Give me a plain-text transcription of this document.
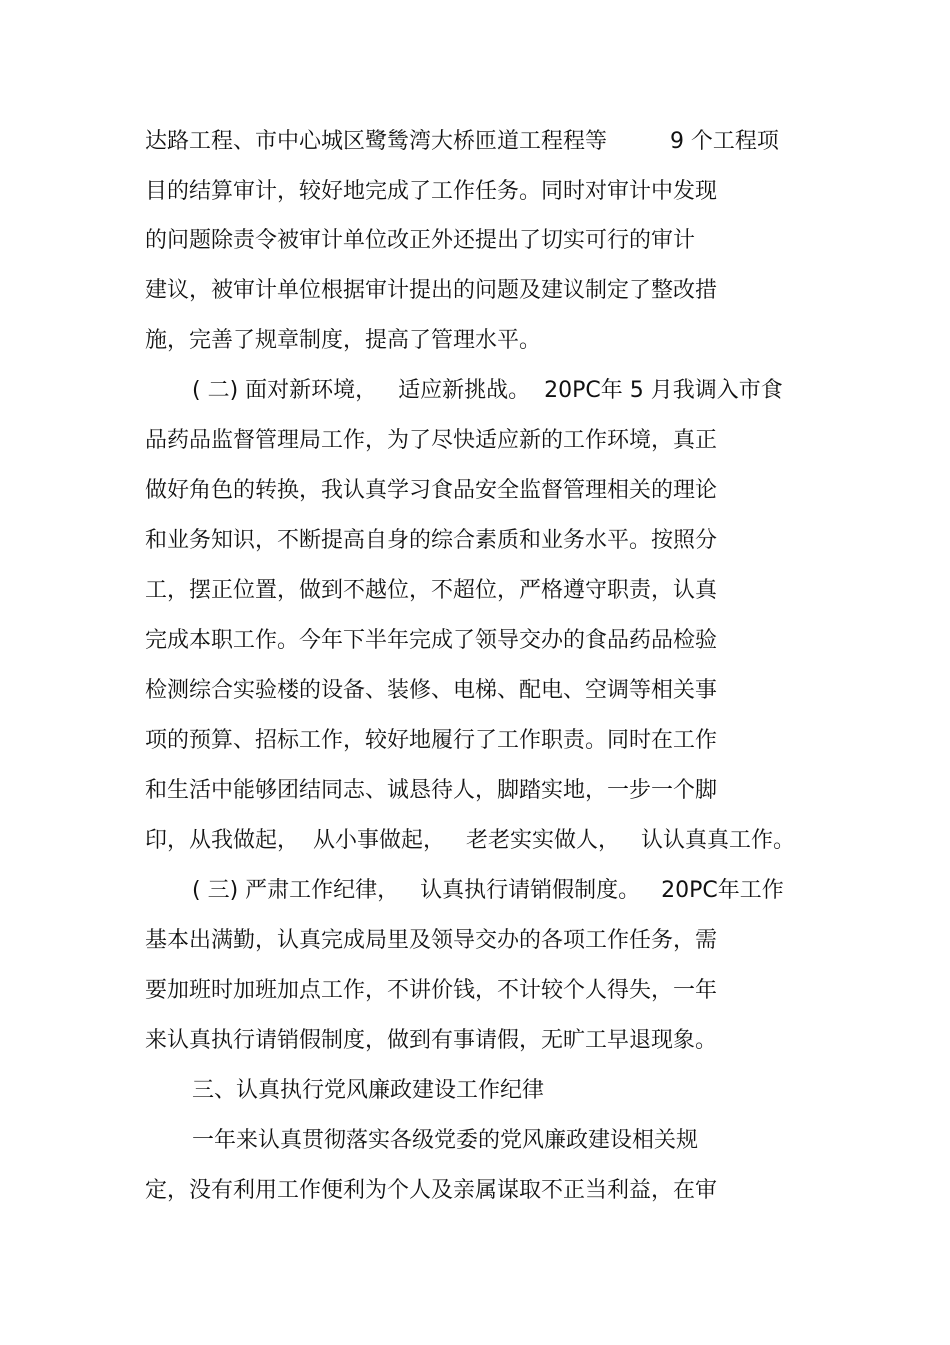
达路工程、市中心城区鹭鸶湾大桥匝道工程程等         9 个工程项
目的结算审计，较好地完成了工作任务。同时对审计中发现
的问题除责令被审计单位改正外还提出了切实可行的审计
建议，被审计单位根据审计提出的问题及建议制定了整改措
施，完善了规章制度，提高了管理水平。
( 二) 面对新环境，   适应新挑战。  20PC年 5 月我调入市食
品药品监督管理局工作，为了尽快适应新的工作环境，真正
做好角色的转换，我认真学习食品安全监督管理相关的理论
和业务知识，不断提高自身的综合素质和业务水平。按照分
工，摆正位置，做到不越位，不超位，严格遵守职责，认真
完成本职工作。今年下半年完成了领导交办的食品药品检验
检测综合实验楼的设备、装修、电梯、配电、空调等相关事
项的预算、招标工作，较好地履行了工作职责。同时在工作
和生活中能够团结同志、诚恳待人，脚踏实地，一步一个脚
印，从我做起，  从小事做起，   老老实实做人，   认认真真工作。
( 三) 严肃工作纪律，   认真执行请销假制度。   20PC年工作
基本出满勤，认真完成局里及领导交办的各项工作任务，需
要加班时加班加点工作，不讲价钱，不计较个人得失，一年
来认真执行请销假制度，做到有事请假，无旷工早退现象。
三、认真执行党风廉政建设工作纪律
一年来认真贯彻落实各级党委的党风廉政建设相关规
定，没有利用工作便利为个人及亲属谋取不正当利益，在审
